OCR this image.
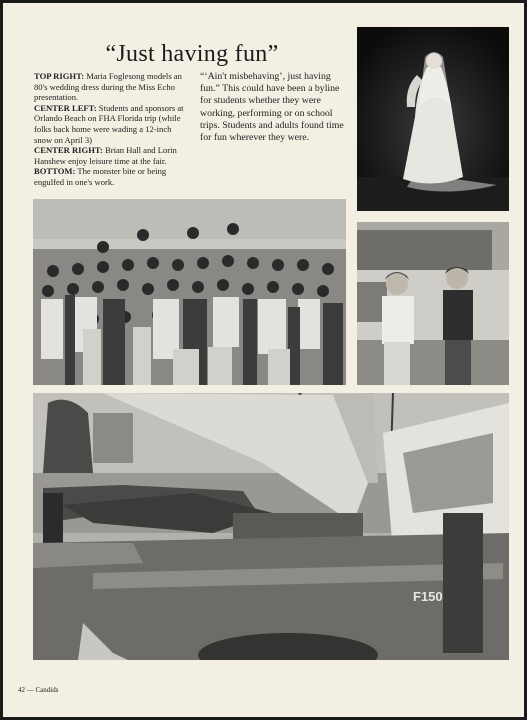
“Just having fun”

TOP RIGHT: Maria Foglesong models an 80's wedding dress during the Miss Echo presentation.

CENTER LEFT: Students and sponsors at Orlando Beach on FHA Florida trip (while folks back home were wading a 12-inch snow on April 3)

CENTER RIGHT: Brian Hall and Lorin Hanshew enjoy leisure time at the fair.

BOTTOM: The monster bite or being engulfed in one's work.

“‘Ain't misbehaving’, just having fun.” This could have been a byline for students whether they were working, performing or on school trips. Students and adults found time for fun wherever they were.
F150
42 — Candids
